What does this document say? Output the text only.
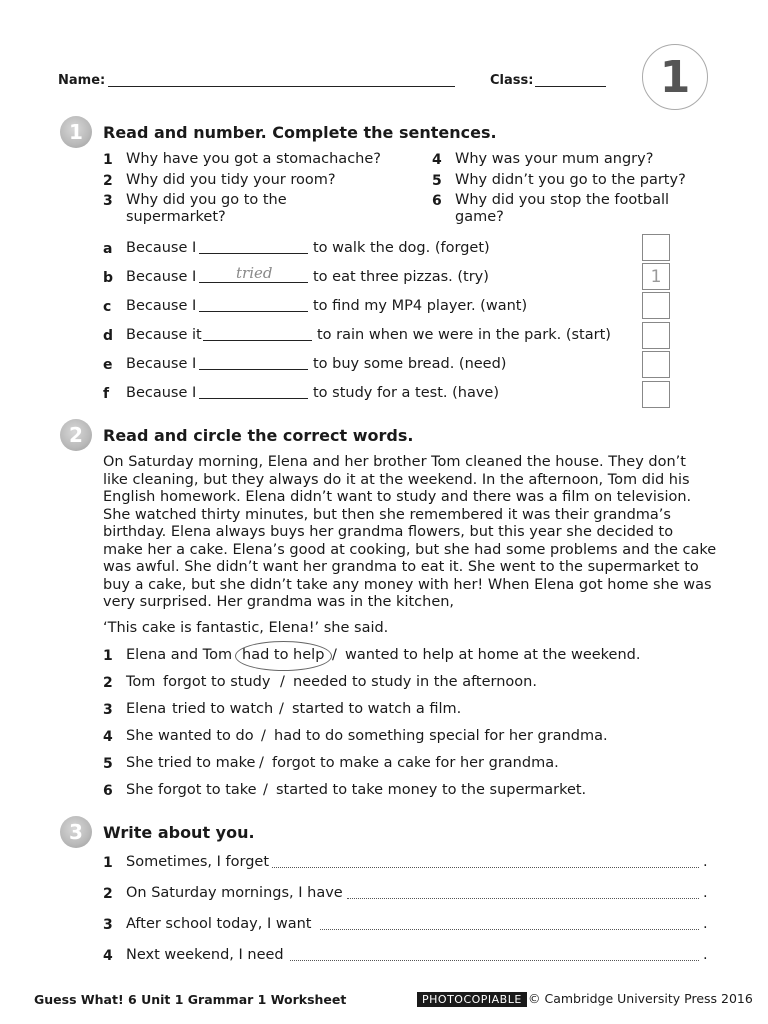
Name:	Class:	1
1	Read and number. Complete the sentences.
1 Why have you got a stomachache?
2 Why did you tidy your room?
3 Why did you go to the
supermarket?
4 Why was your mum angry?
5 Why didn’t you go to the party?
6 Why did you stop the football
game?
a Because I	to walk the dog. (forget)
b Because I	tried	to eat three pizzas. (try)	1
c Because I	to find my MP4 player. (want)
d Because it	to rain when we were in the park. (start)
e Because I	to buy some bread. (need)
f Because I	to study for a test. (have)
2	Read and circle the correct words.
On Saturday morning, Elena and her brother Tom cleaned the house. They don’t
like cleaning, but they always do it at the weekend. In the afternoon, Tom did his
English homework. Elena didn’t want to study and there was a film on television.
She watched thirty minutes, but then she remembered it was their grandma’s
birthday. Elena always buys her grandma flowers, but this year she decided to
make her a cake. Elena’s good at cooking, but she had some problems and the cake
was awful. She didn’t want her grandma to eat it. She went to the supermarket to
buy a cake, but she didn’t take any money with her! When Elena got home she was
very surprised. Her grandma was in the kitchen,
‘This cake is fantastic, Elena!’ she said.
1 Elena and Tom had to help / wanted to help at home at the weekend.
2 Tom forgot to study / needed to study in the afternoon.
3 Elena tried to watch / started to watch a film.
4 She wanted to do / had to do something special for her grandma.
5 She tried to make / forgot to make a cake for her grandma.
6 She forgot to take / started to take money to the supermarket.
3	Write about you.
1 Sometimes, I forget	.
2 On Saturday mornings, I have	.
3 After school today, I want	.
4 Next weekend, I need	.
Guess What! 6 Unit 1 Grammar 1 Worksheet	PHOTOCOPIABLE © Cambridge University Press 2016
